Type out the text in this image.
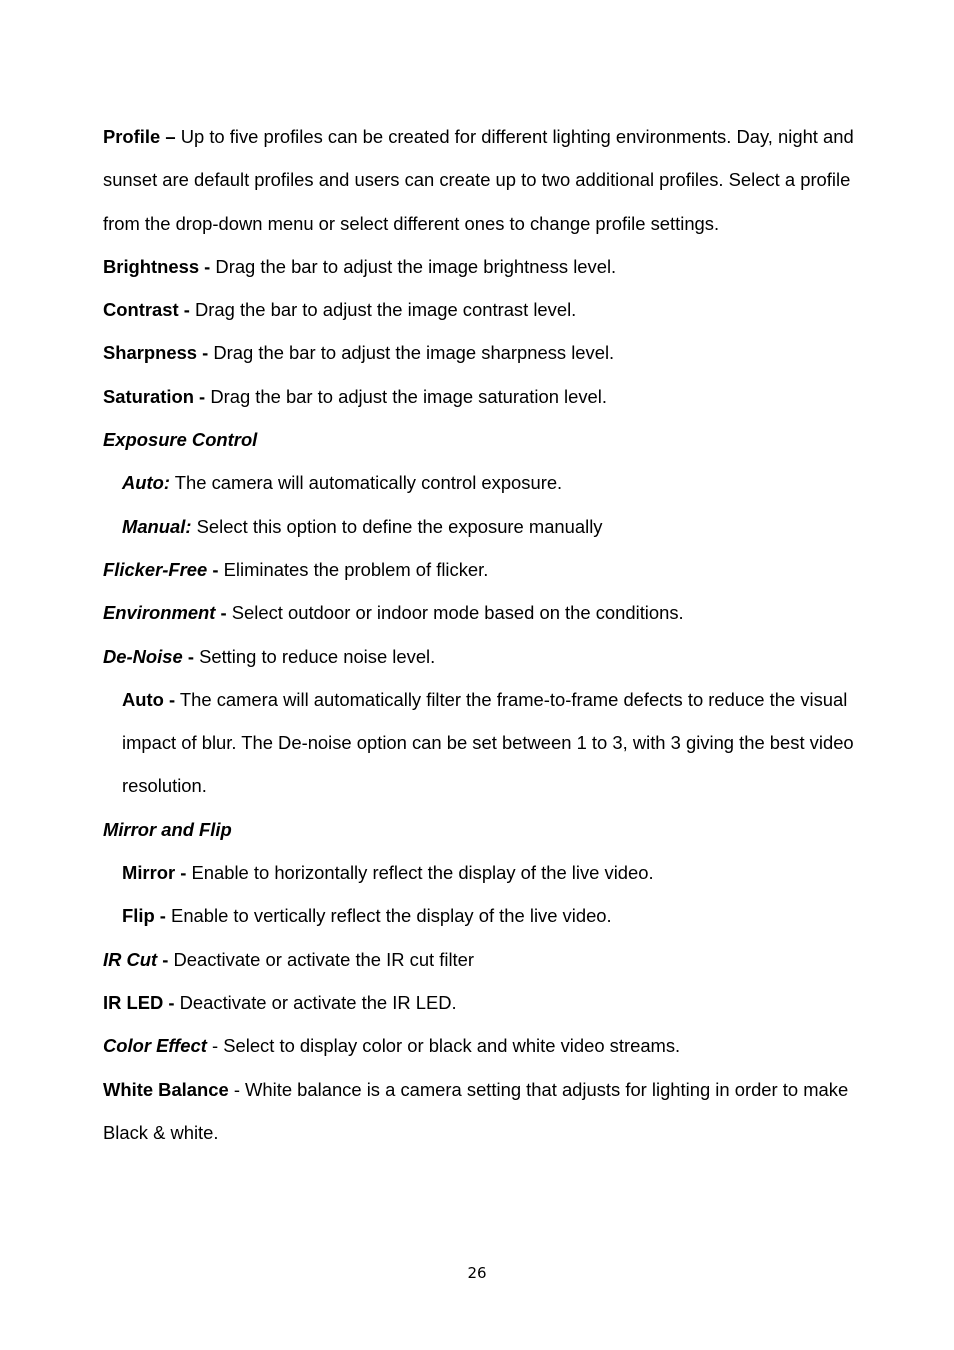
Profile – Up to five profiles can be created for different lighting environments. Day, night and sunset are default profiles and users can create up to two additional profiles. Select a profile from the drop-down menu or select different ones to change profile settings.

Brightness - Drag the bar to adjust the image brightness level.

Contrast - Drag the bar to adjust the image contrast level.

Sharpness - Drag the bar to adjust the image sharpness level.

Saturation - Drag the bar to adjust the image saturation level.

Exposure Control

Auto: The camera will automatically control exposure.

Manual: Select this option to define the exposure manually

Flicker-Free - Eliminates the problem of flicker.

Environment - Select outdoor or indoor mode based on the conditions.

De-Noise - Setting to reduce noise level.

Auto - The camera will automatically filter the frame-to-frame defects to reduce the visual impact of blur. The De-noise option can be set between 1 to 3, with 3 giving the best video resolution.

Mirror and Flip

Mirror - Enable to horizontally reflect the display of the live video.

Flip - Enable to vertically reflect the display of the live video.

IR Cut - Deactivate or activate the IR cut filter

IR LED - Deactivate or activate the IR LED.

Color Effect - Select to display color or black and white video streams.

White Balance - White balance is a camera setting that adjusts for lighting in order to make Black & white.

26
